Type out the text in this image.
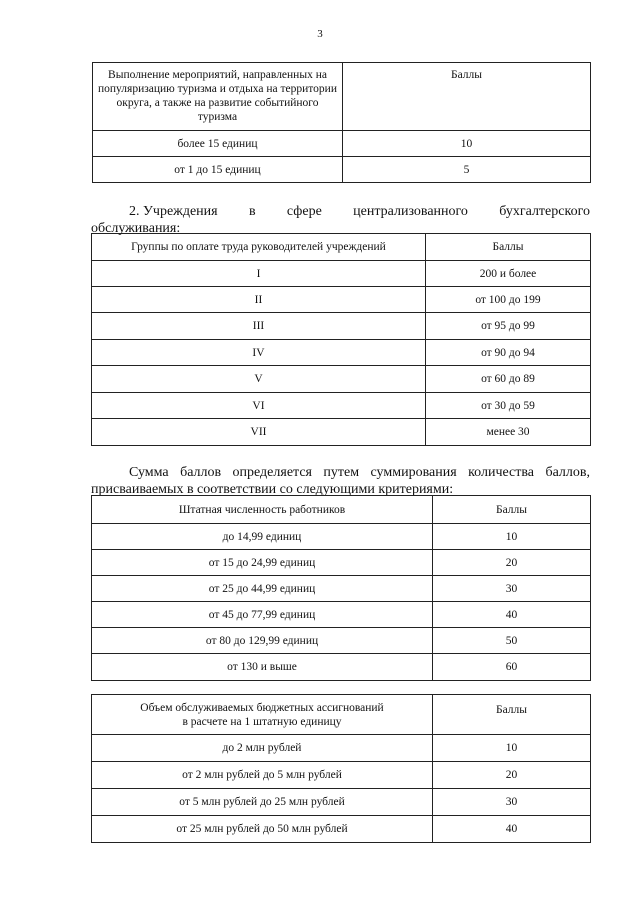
3
Выполнение мероприятий, направленных на популяризацию туризма и отдыха на территории округа, а также на развитие событийного туризма	Баллы
более 15 единиц	10
от 1 до 15 единиц	5
2. Учреждения в сфере централизованного бухгалтерского
обслуживания:
Группы по оплате труда руководителей учреждений	Баллы
I	200 и более
II	от 100 до 199
III	от 95 до 99
IV	от 90 до 94
V	от 60 до 89
VI	от 30 до 59
VII	менее 30
Сумма баллов определяется путем суммирования количества баллов,
присваиваемых в соответствии со следующими критериями:
Штатная численность работников	Баллы
до 14,99 единиц	10
от 15 до 24,99 единиц	20
от 25 до 44,99 единиц	30
от 45 до 77,99 единиц	40
от 80 до 129,99 единиц	50
от 130 и выше	60
Объем обслуживаемых бюджетных ассигнований
в расчете на 1 штатную единицу	Баллы
до 2 млн рублей	10
от 2 млн рублей до 5 млн рублей	20
от 5 млн рублей до 25 млн рублей	30
от 25 млн рублей до 50 млн рублей	40
